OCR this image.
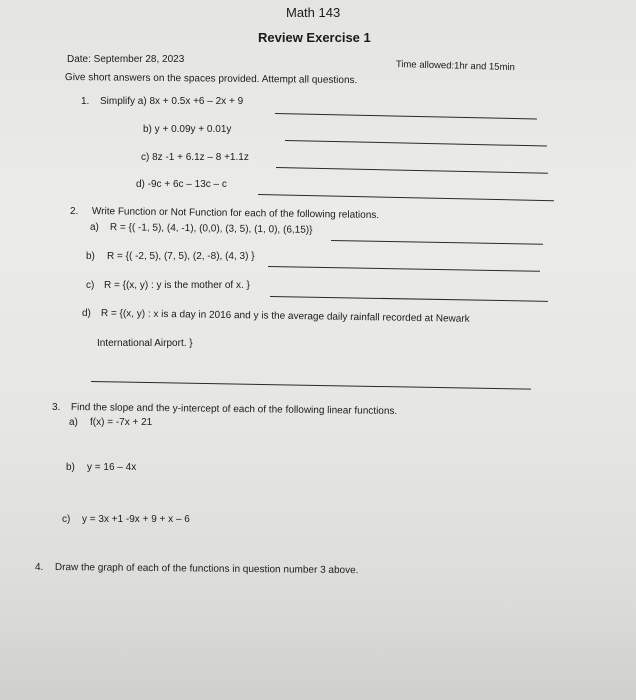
Math 143
Review Exercise 1
Date: September 28, 2023	Time allowed:1hr and 15min
Give short answers on the spaces provided. Attempt all questions.
1. Simplify a) 8x + 0.5x +6 – 2x + 9
b) y + 0.09y + 0.01y
c) 8z -1 + 6.1z – 8 +1.1z
d) -9c + 6c – 13c – c
2. Write Function or Not Function for each of the following relations.
a) R = {( -1, 5), (4, -1), (0,0), (3, 5), (1, 0), (6,15)}
b) R = {( -2, 5), (7, 5), (2, -8), (4, 3) }
c) R = {(x, y) : y is the mother of x. }
d) R = {(x, y) : x is a day in 2016 and y is the average daily rainfall recorded at Newark
International Airport. }
3. Find the slope and the y-intercept of each of the following linear functions.
a) f(x) = -7x + 21
b) y = 16 – 4x
c) y = 3x +1 -9x + 9 + x – 6
4. Draw the graph of each of the functions in question number 3 above.
